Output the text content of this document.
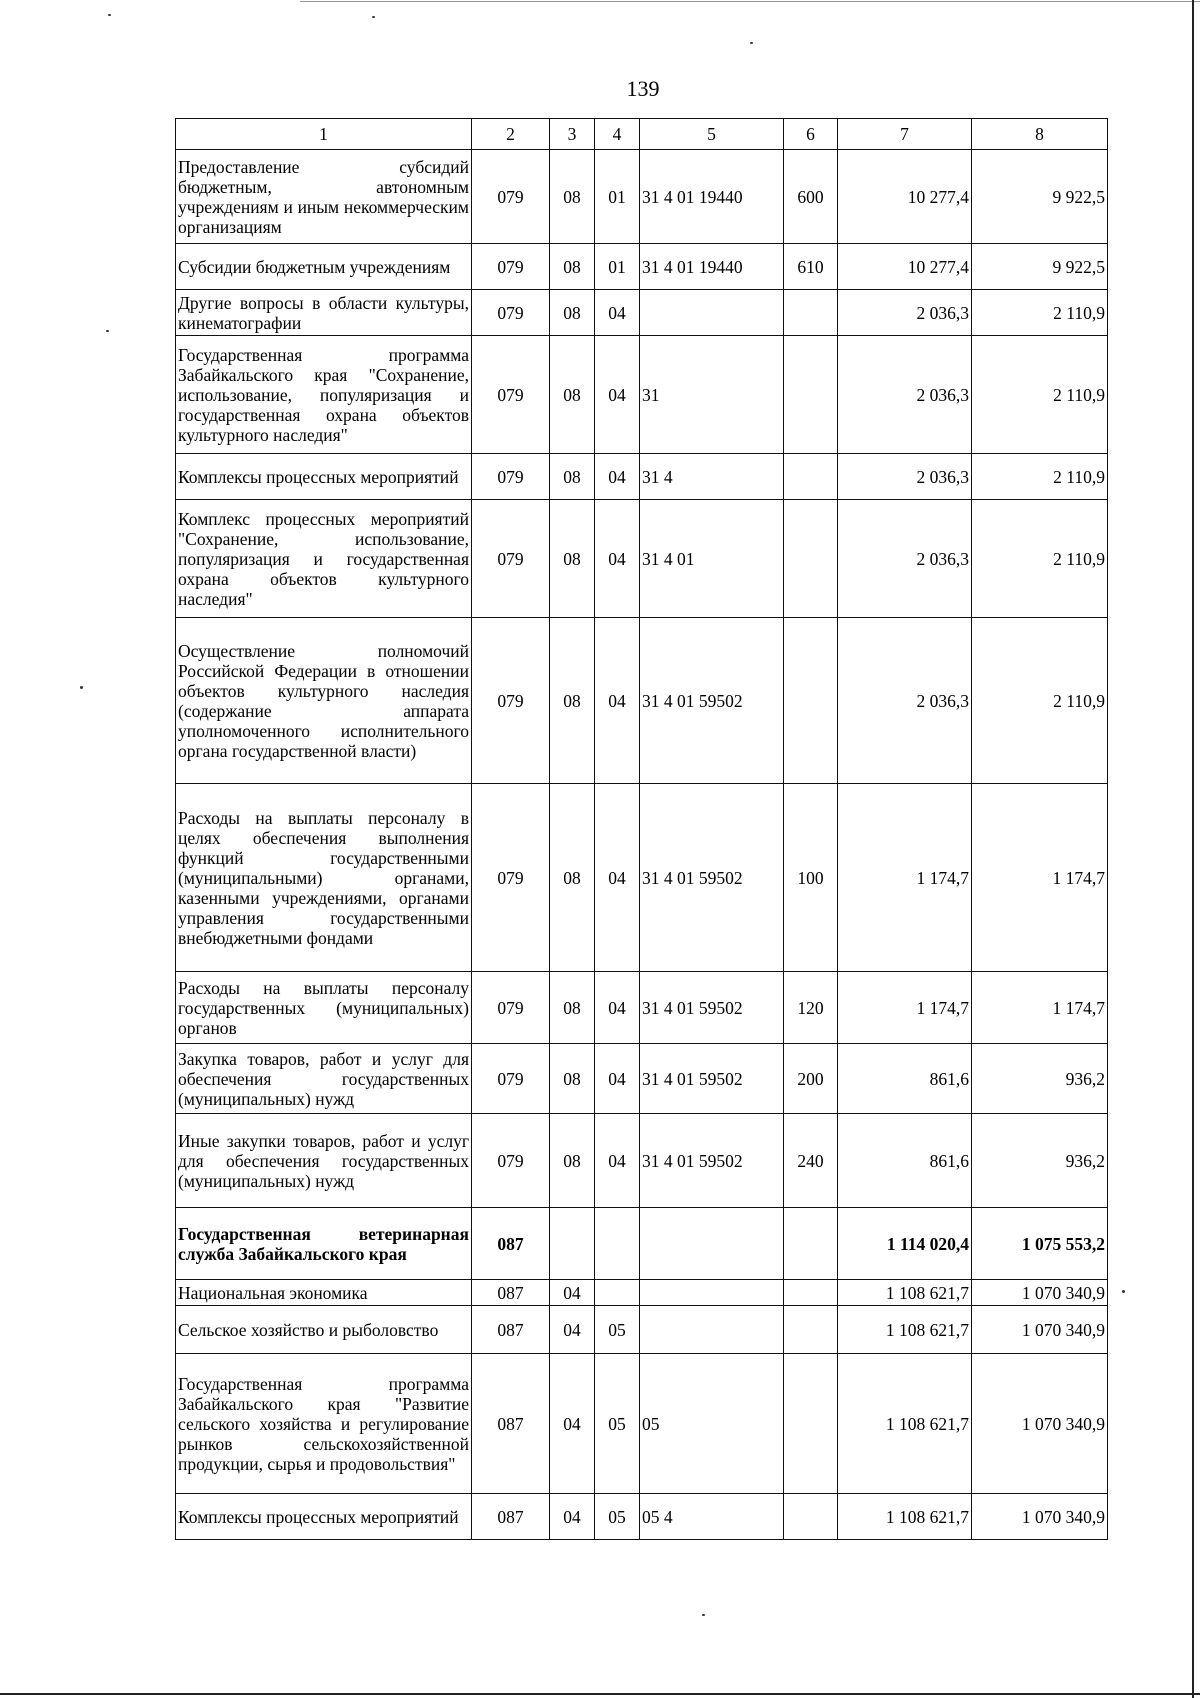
139
1	2	3	4	5	6	7	8
Предоставление субсидий бюджетным, автономным учреждениям и иным некоммерческим организациям	079	08	01	31 4 01 19440	600	10 277,4	9 922,5
Субсидии бюджетным учреждениям	079	08	01	31 4 01 19440	610	10 277,4	9 922,5
Другие вопросы в области культуры, кинематографии	079	08	04			2 036,3	2 110,9
Государственная программа Забайкальского края "Сохранение, использование, популяризация и государственная охрана объектов культурного наследия"	079	08	04	31		2 036,3	2 110,9
Комплексы процессных мероприятий	079	08	04	31 4		2 036,3	2 110,9
Комплекс процессных мероприятий "Сохранение, использование, популяризация и государственная охрана объектов культурного наследия"	079	08	04	31 4 01		2 036,3	2 110,9
Осуществление полномочий Российской Федерации в отношении объектов культурного наследия (содержание аппарата уполномоченного исполнительного органа государственной власти)	079	08	04	31 4 01 59502		2 036,3	2 110,9
Расходы на выплаты персоналу в целях обеспечения выполнения функций государственными (муниципальными) органами, казенными учреждениями, органами управления государственными внебюджетными фондами	079	08	04	31 4 01 59502	100	1 174,7	1 174,7
Расходы на выплаты персоналу государственных (муниципальных) органов	079	08	04	31 4 01 59502	120	1 174,7	1 174,7
Закупка товаров, работ и услуг для обеспечения государственных (муниципальных) нужд	079	08	04	31 4 01 59502	200	861,6	936,2
Иные закупки товаров, работ и услуг для обеспечения государственных (муниципальных) нужд	079	08	04	31 4 01 59502	240	861,6	936,2
Государственная ветеринарная служба Забайкальского края	087					1 114 020,4	1 075 553,2
Национальная экономика	087	04				1 108 621,7	1 070 340,9
Сельское хозяйство и рыболовство	087	04	05			1 108 621,7	1 070 340,9
Государственная программа Забайкальского края "Развитие сельского хозяйства и регулирование рынков сельскохозяйственной продукции, сырья и продовольствия"	087	04	05	05		1 108 621,7	1 070 340,9
Комплексы процессных мероприятий	087	04	05	05 4		1 108 621,7	1 070 340,9
